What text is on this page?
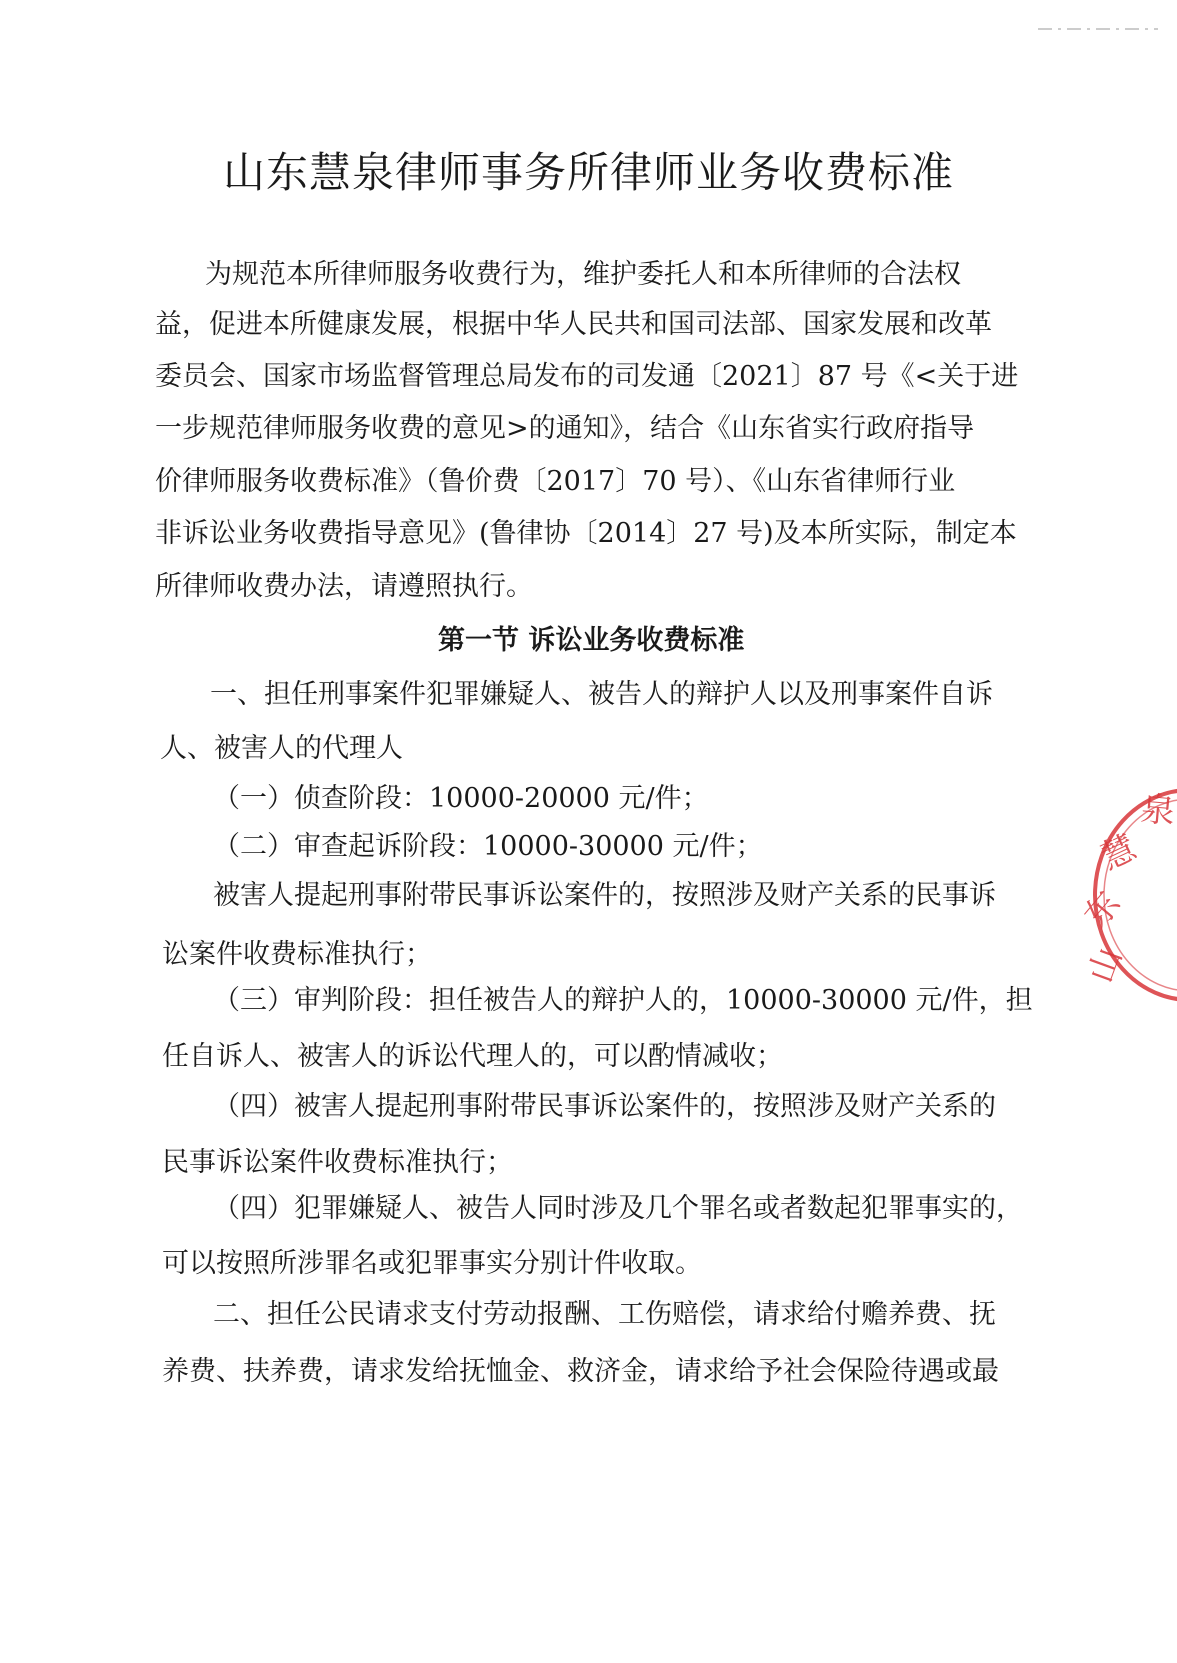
山东慧泉律师事务所律师业务收费标准
为规范本所律师服务收费行为，维护委托人和本所律师的合法权
益，促进本所健康发展，根据中华人民共和国司法部、国家发展和改革
委员会、国家市场监督管理总局发布的司发通〔2021〕87 号《<关于进
一步规范律师服务收费的意见>的通知》，结合《山东省实行政府指导
价律师服务收费标准》（鲁价费〔2017〕70 号）、《山东省律师行业
非诉讼业务收费指导意见》(鲁律协〔2014〕27 号)及本所实际，制定本
所律师收费办法，请遵照执行。
第一节 诉讼业务收费标准
一、担任刑事案件犯罪嫌疑人、被告人的辩护人以及刑事案件自诉
人、被害人的代理人
（一）侦查阶段：10000-20000 元/件；
（二）审查起诉阶段：10000-30000 元/件；
被害人提起刑事附带民事诉讼案件的，按照涉及财产关系的民事诉
讼案件收费标准执行；
（三）审判阶段：担任被告人的辩护人的，10000-30000 元/件，担
任自诉人、被害人的诉讼代理人的，可以酌情减收；
（四）被害人提起刑事附带民事诉讼案件的，按照涉及财产关系的
民事诉讼案件收费标准执行；
（四）犯罪嫌疑人、被告人同时涉及几个罪名或者数起犯罪事实的，
可以按照所涉罪名或犯罪事实分别计件收取。
二、担任公民请求支付劳动报酬、工伤赔偿，请求给付赡养费、抚
养费、扶养费，请求发给抚恤金、救济金，请求给予社会保险待遇或最
山
东
慧
泉
